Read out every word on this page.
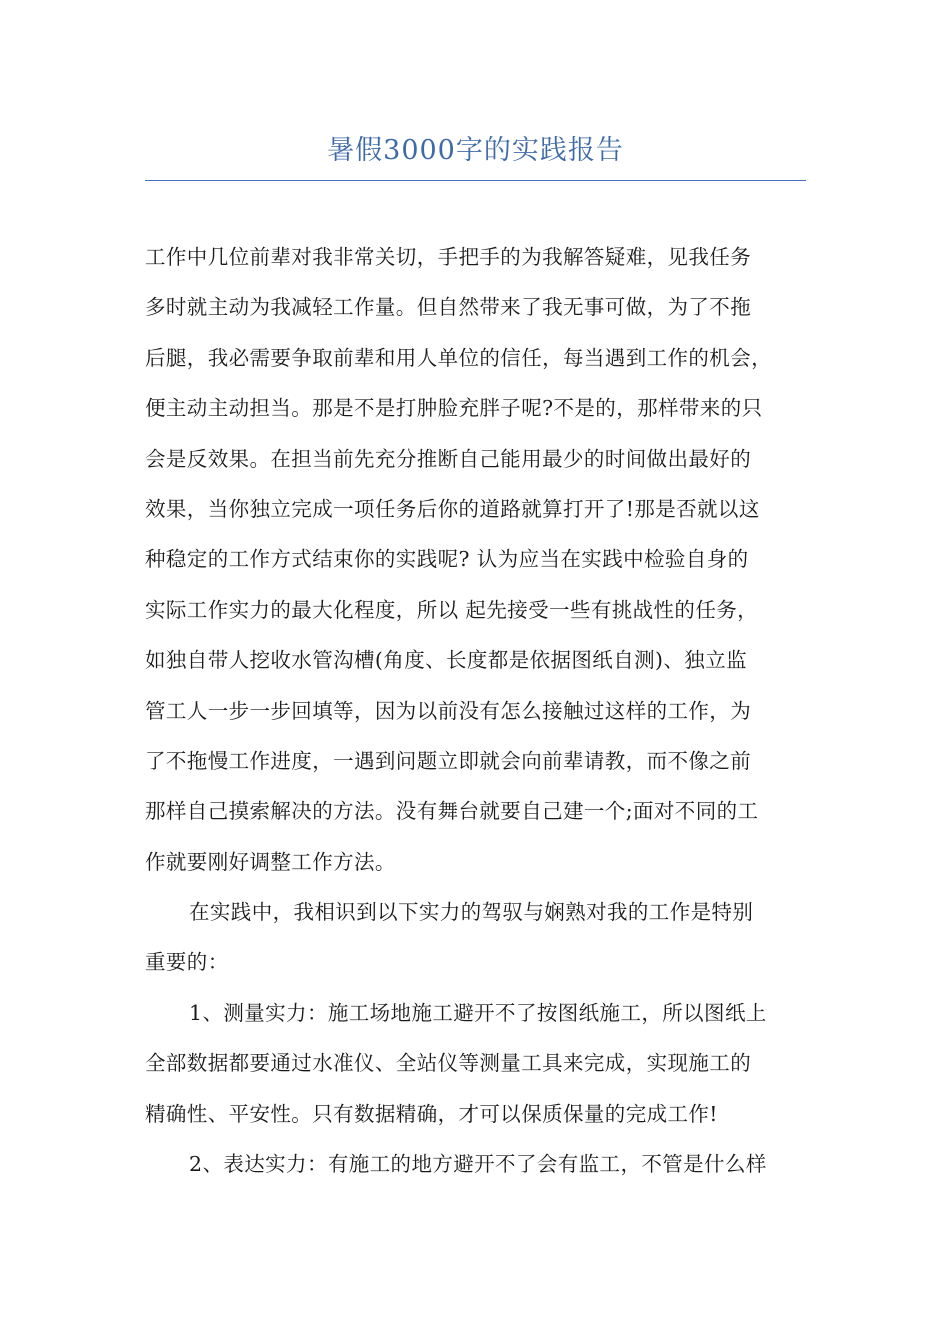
暑假3000字的实践报告
工作中几位前辈对我非常关切，手把手的为我解答疑难，见我任务
多时就主动为我减轻工作量。但自然带来了我无事可做，为了不拖
后腿，我必需要争取前辈和用人单位的信任，每当遇到工作的机会，
便主动主动担当。那是不是打肿脸充胖子呢?不是的，那样带来的只
会是反效果。在担当前先充分推断自己能用最少的时间做出最好的
效果，当你独立完成一项任务后你的道路就算打开了!那是否就以这
种稳定的工作方式结束你的实践呢? 认为应当在实践中检验自身的
实际工作实力的最大化程度，所以 起先接受一些有挑战性的任务，
如独自带人挖收水管沟槽(角度、长度都是依据图纸自测)、独立监
管工人一步一步回填等，因为以前没有怎么接触过这样的工作，为
了不拖慢工作进度，一遇到问题立即就会向前辈请教，而不像之前
那样自己摸索解决的方法。没有舞台就要自己建一个;面对不同的工
作就要刚好调整工作方法。
在实践中，我相识到以下实力的驾驭与娴熟对我的工作是特别
重要的：
1、测量实力：施工场地施工避开不了按图纸施工，所以图纸上
全部数据都要通过水准仪、全站仪等测量工具来完成，实现施工的
精确性、平安性。只有数据精确，才可以保质保量的完成工作!
2、表达实力：有施工的地方避开不了会有监工，不管是什么样
